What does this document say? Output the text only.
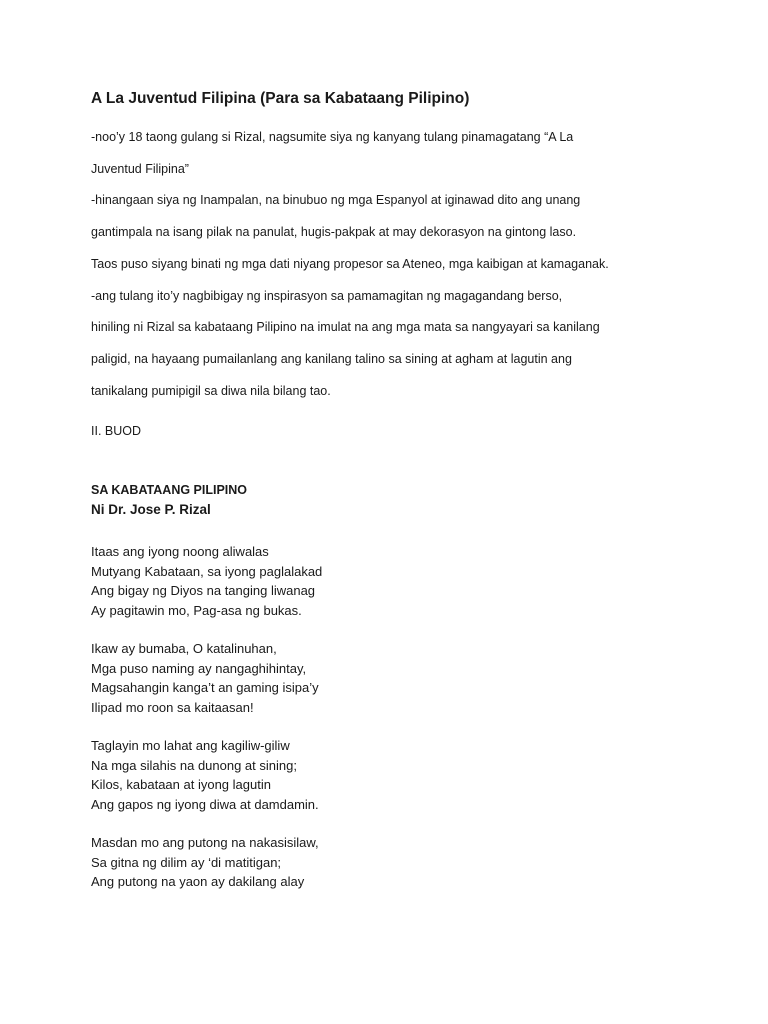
A La Juventud Filipina (Para sa Kabataang Pilipino)
-noo’y 18 taong gulang si Rizal, nagsumite siya ng kanyang tulang pinamagatang “A La
Juventud Filipina”
-hinangaan siya ng Inampalan, na binubuo ng mga Espanyol at iginawad dito ang unang
gantimpala na isang pilak na panulat, hugis-pakpak at may dekorasyon na gintong laso.
Taos puso siyang binati ng mga dati niyang propesor sa Ateneo, mga kaibigan at kamaganak.
-ang tulang ito’y nagbibigay ng inspirasyon sa pamamagitan ng magagandang berso,
hiniling ni Rizal sa kabataang Pilipino na imulat na ang mga mata sa nangyayari sa kanilang
paligid, na hayaang pumailanlang ang kanilang talino sa sining at agham at lagutin ang
tanikalang pumipigil sa diwa nila bilang tao.
II. BUOD
SA KABATAANG PILIPINO
Ni Dr. Jose P. Rizal
Itaas ang iyong noong aliwalas
Mutyang Kabataan, sa iyong paglalakad
Ang bigay ng Diyos na tanging liwanag
Ay pagitawin mo, Pag-asa ng bukas.
Ikaw ay bumaba, O katalinuhan,
Mga puso naming ay nangaghihintay,
Magsahangin kanga’t an gaming isipa’y
Ilipad mo roon sa kaitaasan!
Taglayin mo lahat ang kagiliw-giliw
Na mga silahis na dunong at sining;
Kilos, kabataan at iyong lagutin
Ang gapos ng iyong diwa at damdamin.
Masdan mo ang putong na nakasisilaw,
Sa gitna ng dilim ay ‘di matitigan;
Ang putong na yaon ay dakilang alay
